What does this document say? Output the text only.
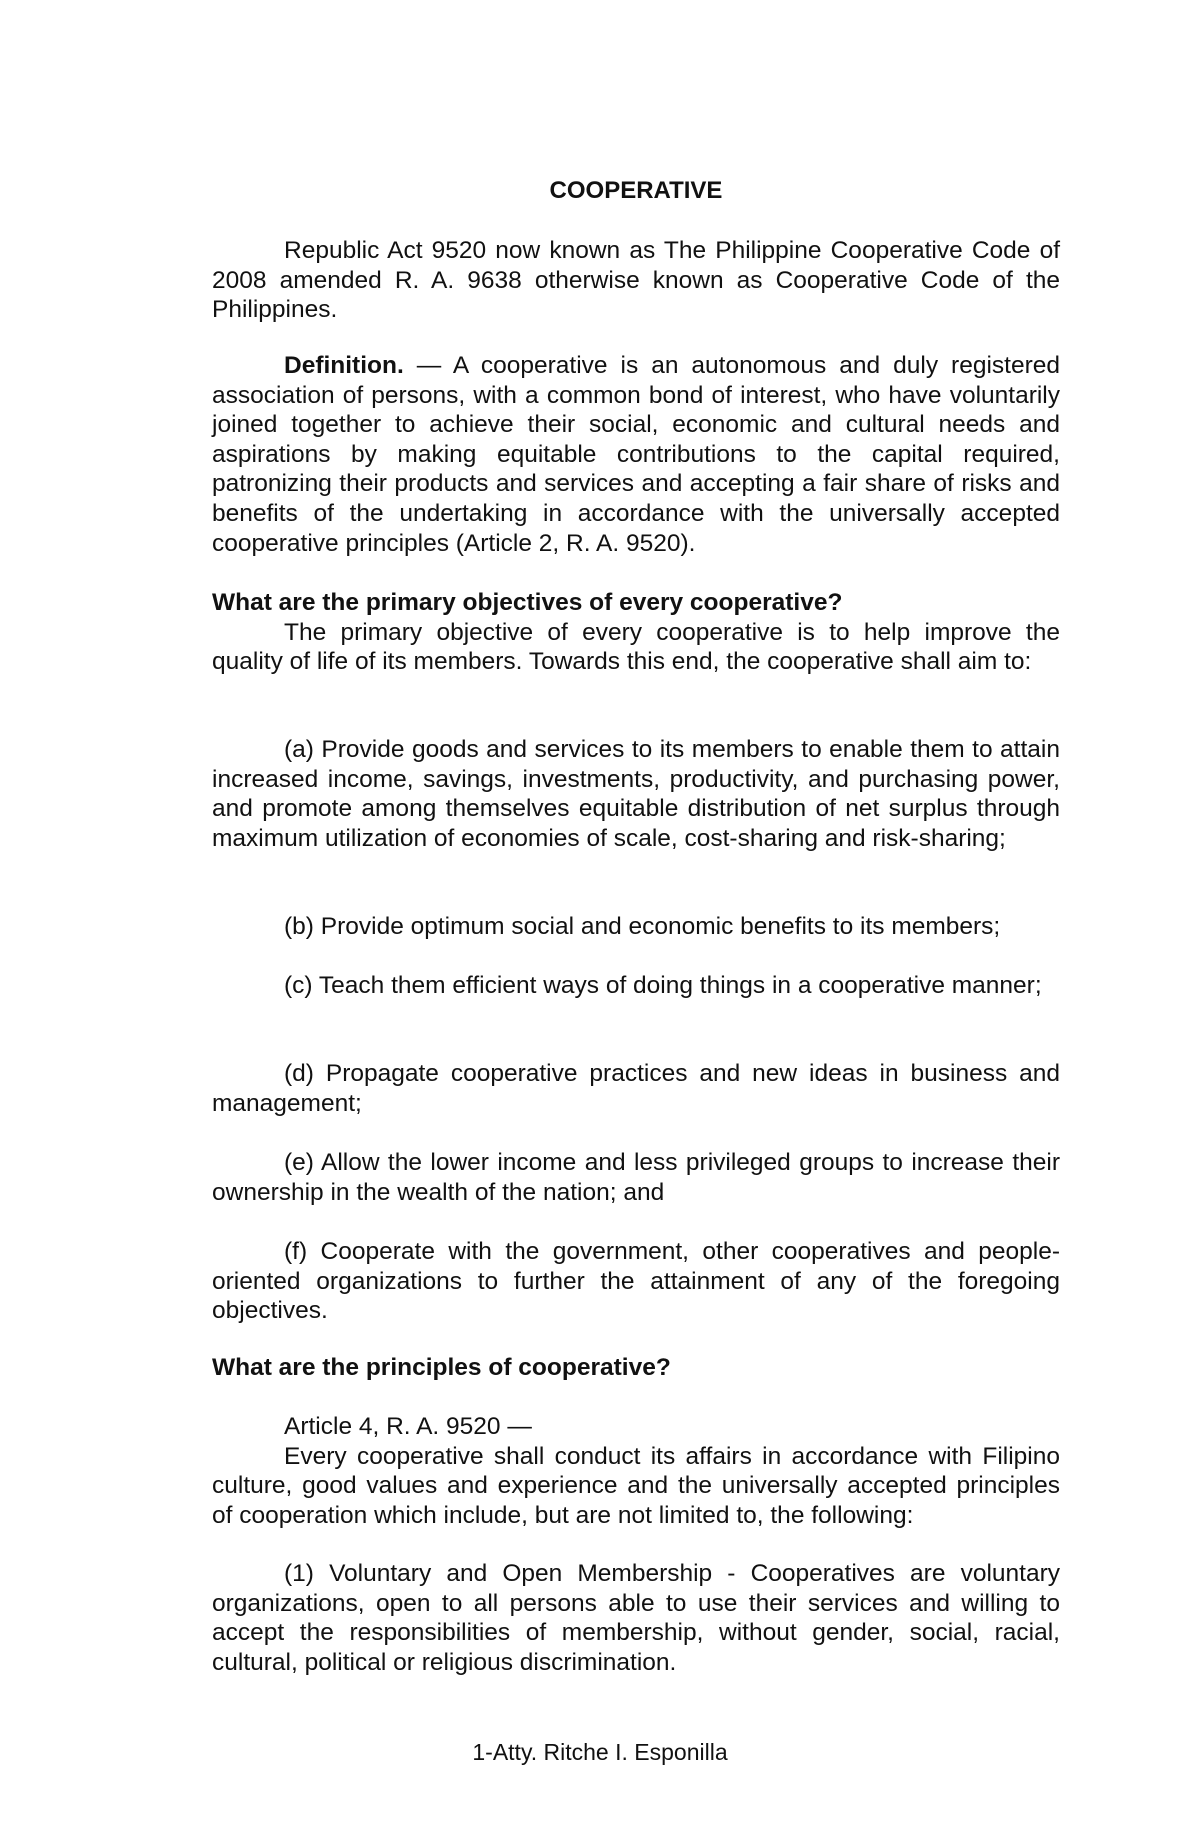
COOPERATIVE

Republic Act 9520 now known as The Philippine Cooperative Code of 2008 amended R. A. 9638 otherwise known as Cooperative Code of the Philippines.

Definition. — A cooperative is an autonomous and duly registered association of persons, with a common bond of interest, who have voluntarily joined together to achieve their social, economic and cultural needs and aspirations by making equitable contributions to the capital required, patronizing their products and services and accepting a fair share of risks and benefits of the undertaking in accordance with the universally accepted cooperative principles (Article 2, R. A. 9520).

What are the primary objectives of every cooperative?

The primary objective of every cooperative is to help improve the quality of life of its members. Towards this end, the cooperative shall aim to:

(a) Provide goods and services to its members to enable them to attain increased income, savings, investments, productivity, and purchasing power, and promote among themselves equitable distribution of net surplus through maximum utilization of economies of scale, cost-sharing and risk-sharing;

(b) Provide optimum social and economic benefits to its members;

(c) Teach them efficient ways of doing things in a cooperative manner;

(d) Propagate cooperative practices and new ideas in business and management;

(e) Allow the lower income and less privileged groups to increase their ownership in the wealth of the nation; and

(f) Cooperate with the government, other cooperatives and people-oriented organizations to further the attainment of any of the foregoing objectives.

What are the principles of cooperative?

Article 4, R. A. 9520 —

Every cooperative shall conduct its affairs in accordance with Filipino culture, good values and experience and the universally accepted principles of cooperation which include, but are not limited to, the following:

(1) Voluntary and Open Membership - Cooperatives are voluntary organizations, open to all persons able to use their services and willing to accept the responsibilities of membership, without gender, social, racial, cultural, political or religious discrimination.

1-Atty. Ritche I. Esponilla
